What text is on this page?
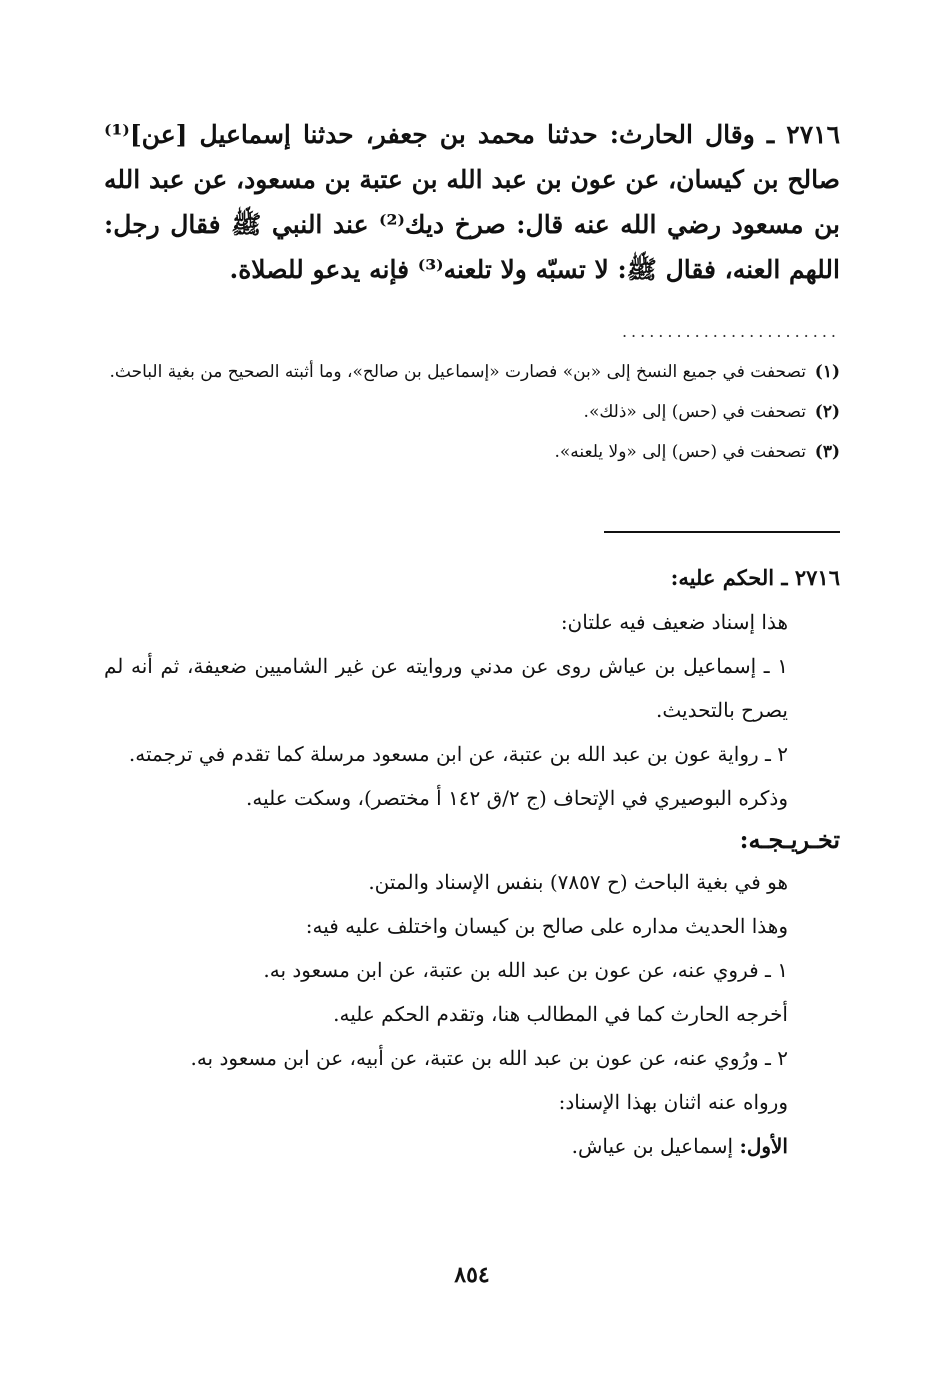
٢٧١٦ ـ وقال الحارث: حدثنا محمد بن جعفر، حدثنا إسماعيل [عن]⁽¹⁾ صالح بن كيسان، عن عون بن عبد الله بن عتبة بن مسعود، عن عبد الله بن مسعود رضي الله عنه قال: صرخ ديك⁽²⁾ عند النبي ﷺ فقال رجل: اللهم العنه، فقال ﷺ: لا تسبّه ولا تلعنه⁽³⁾ فإنه يدعو للصلاة.

........................
(١)
تصحفت في جميع النسخ إلى «بن» فصارت «إسماعيل بن صالح»، وما أثبته الصحيح من بغية الباحث.
(٢)
تصحفت في (حس) إلى «ذلك».
(٣)
تصحفت في (حس) إلى «ولا يلعنه».

٢٧١٦ ـ الحكم عليه:

هذا إسناد ضعيف فيه علتان:

١ ـ إسماعيل بن عياش روى عن مدني وروايته عن غير الشاميين ضعيفة، ثم أنه لم يصرح بالتحديث.

٢ ـ رواية عون بن عبد الله بن عتبة، عن ابن مسعود مرسلة كما تقدم في ترجمته.

وذكره البوصيري في الإتحاف (ج ٢/ق ١٤٢ أ مختصر)، وسكت عليه.

تخـريـجـه:

هو في بغية الباحث (ح ٧٨٥٧) بنفس الإسناد والمتن.

وهذا الحديث مداره على صالح بن كيسان واختلف عليه فيه:

١ ـ فروي عنه، عن عون بن عبد الله بن عتبة، عن ابن مسعود به.

أخرجه الحارث كما في المطالب هنا، وتقدم الحكم عليه.

٢ ـ ورُوي عنه، عن عون بن عبد الله بن عتبة، عن أبيه، عن ابن مسعود به.

ورواه عنه اثنان بهذا الإسناد:

الأول: إسماعيل بن عياش.

٨٥٤
